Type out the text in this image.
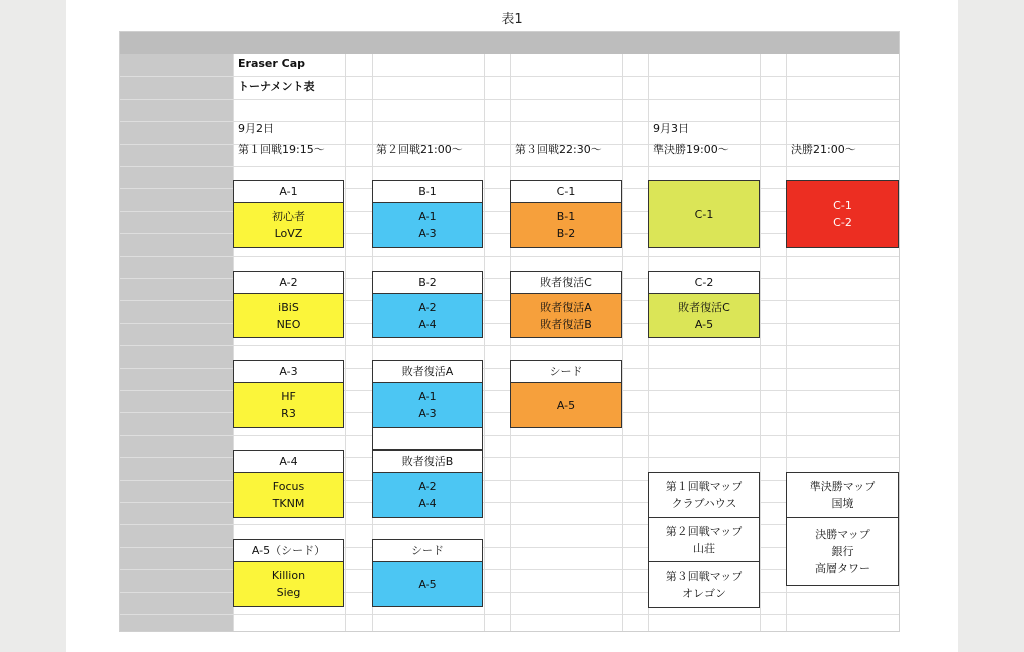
表1
Eraser Cap
トーナメント表
9月2日	9月3日
第１回戦19:15～	第２回戦21:00～	第３回戦22:30～	準決勝19:00～	決勝21:00～
A-1
初心者
LoVZ
A-2
iBiS
NEO
A-3
HF
R3
A-4
Focus
TKNM
A-5（シード）
Killion
Sieg
B-1
A-1
A-3
B-2
A-2
A-4
敗者復活A
A-1
A-3
敗者復活B
A-2
A-4
シード
A-5
C-1
B-1
B-2
敗者復活C
敗者復活A
敗者復活B
シード
A-5
C-1
C-2
敗者復活C
A-5
C-1
C-2
第１回戦マップ
クラブハウス
第２回戦マップ
山荘
第３回戦マップ
オレゴン
準決勝マップ
国境
決勝マップ
銀行
高層タワー
